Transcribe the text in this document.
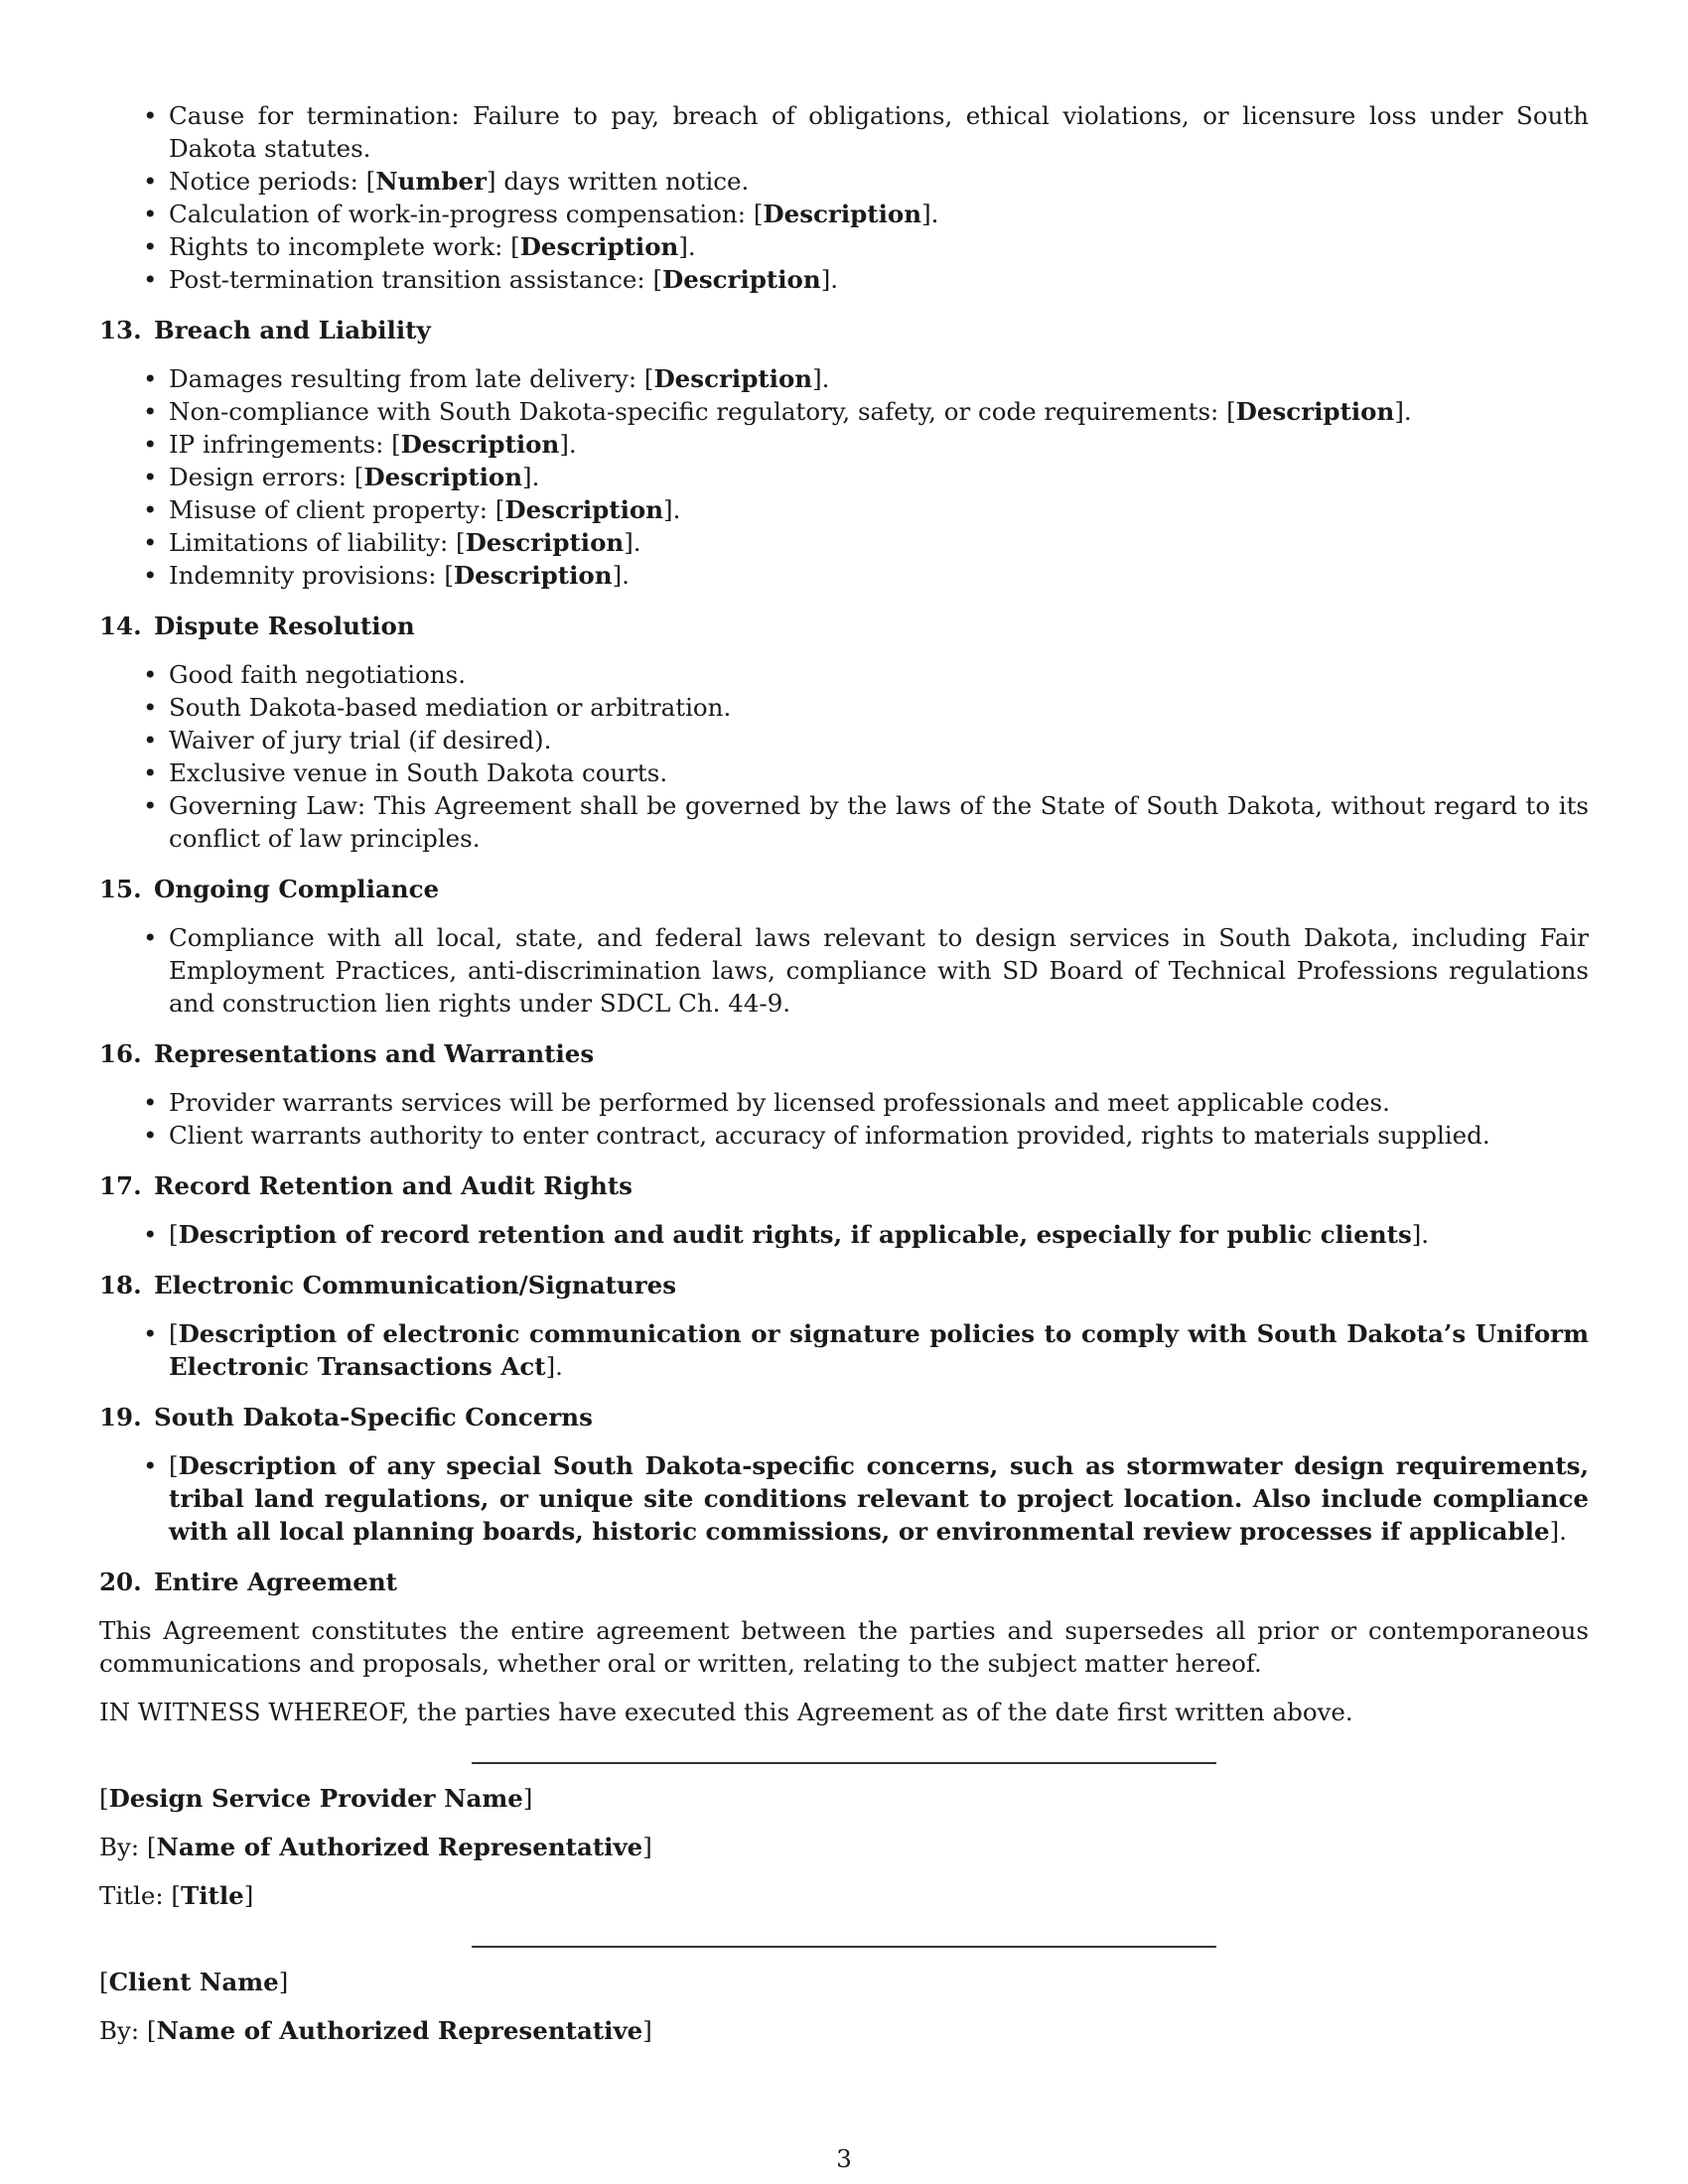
• Cause for termination: Failure to pay, breach of obligations, ethical violations, or licensure loss under South Dakota statutes.
• Notice periods: [Number] days written notice.
• Calculation of work-in-progress compensation: [Description].
• Rights to incomplete work: [Description].
• Post-termination transition assistance: [Description].
13. Breach and Liability
• Damages resulting from late delivery: [Description].
• Non-compliance with South Dakota-specific regulatory, safety, or code requirements: [Description].
• IP infringements: [Description].
• Design errors: [Description].
• Misuse of client property: [Description].
• Limitations of liability: [Description].
• Indemnity provisions: [Description].
14. Dispute Resolution
• Good faith negotiations.
• South Dakota-based mediation or arbitration.
• Waiver of jury trial (if desired).
• Exclusive venue in South Dakota courts.
• Governing Law: This Agreement shall be governed by the laws of the State of South Dakota, without regard to its conflict of law principles.
15. Ongoing Compliance
• Compliance with all local, state, and federal laws relevant to design services in South Dakota, including Fair Employment Practices, anti-discrimination laws, compliance with SD Board of Technical Professions regulations and construction lien rights under SDCL Ch. 44-9.
16. Representations and Warranties
• Provider warrants services will be performed by licensed professionals and meet applicable codes.
• Client warrants authority to enter contract, accuracy of information provided, rights to materials supplied.
17. Record Retention and Audit Rights
• [Description of record retention and audit rights, if applicable, especially for public clients].
18. Electronic Communication/Signatures
• [Description of electronic communication or signature policies to comply with South Dakota’s Uniform Electronic Transactions Act].
19. South Dakota-Specific Concerns
• [Description of any special South Dakota-specific concerns, such as stormwater design requirements, tribal land regulations, or unique site conditions relevant to project location. Also include compliance with all local planning boards, historic commissions, or environmental review processes if applicable].
20. Entire Agreement

This Agreement constitutes the entire agreement between the parties and supersedes all prior or contemporaneous communications and proposals, whether oral or written, relating to the subject matter hereof.

IN WITNESS WHEREOF, the parties have executed this Agreement as of the date first written above.

[Design Service Provider Name]

By: [Name of Authorized Representative]

Title: [Title]

[Client Name]

By: [Name of Authorized Representative]

3
